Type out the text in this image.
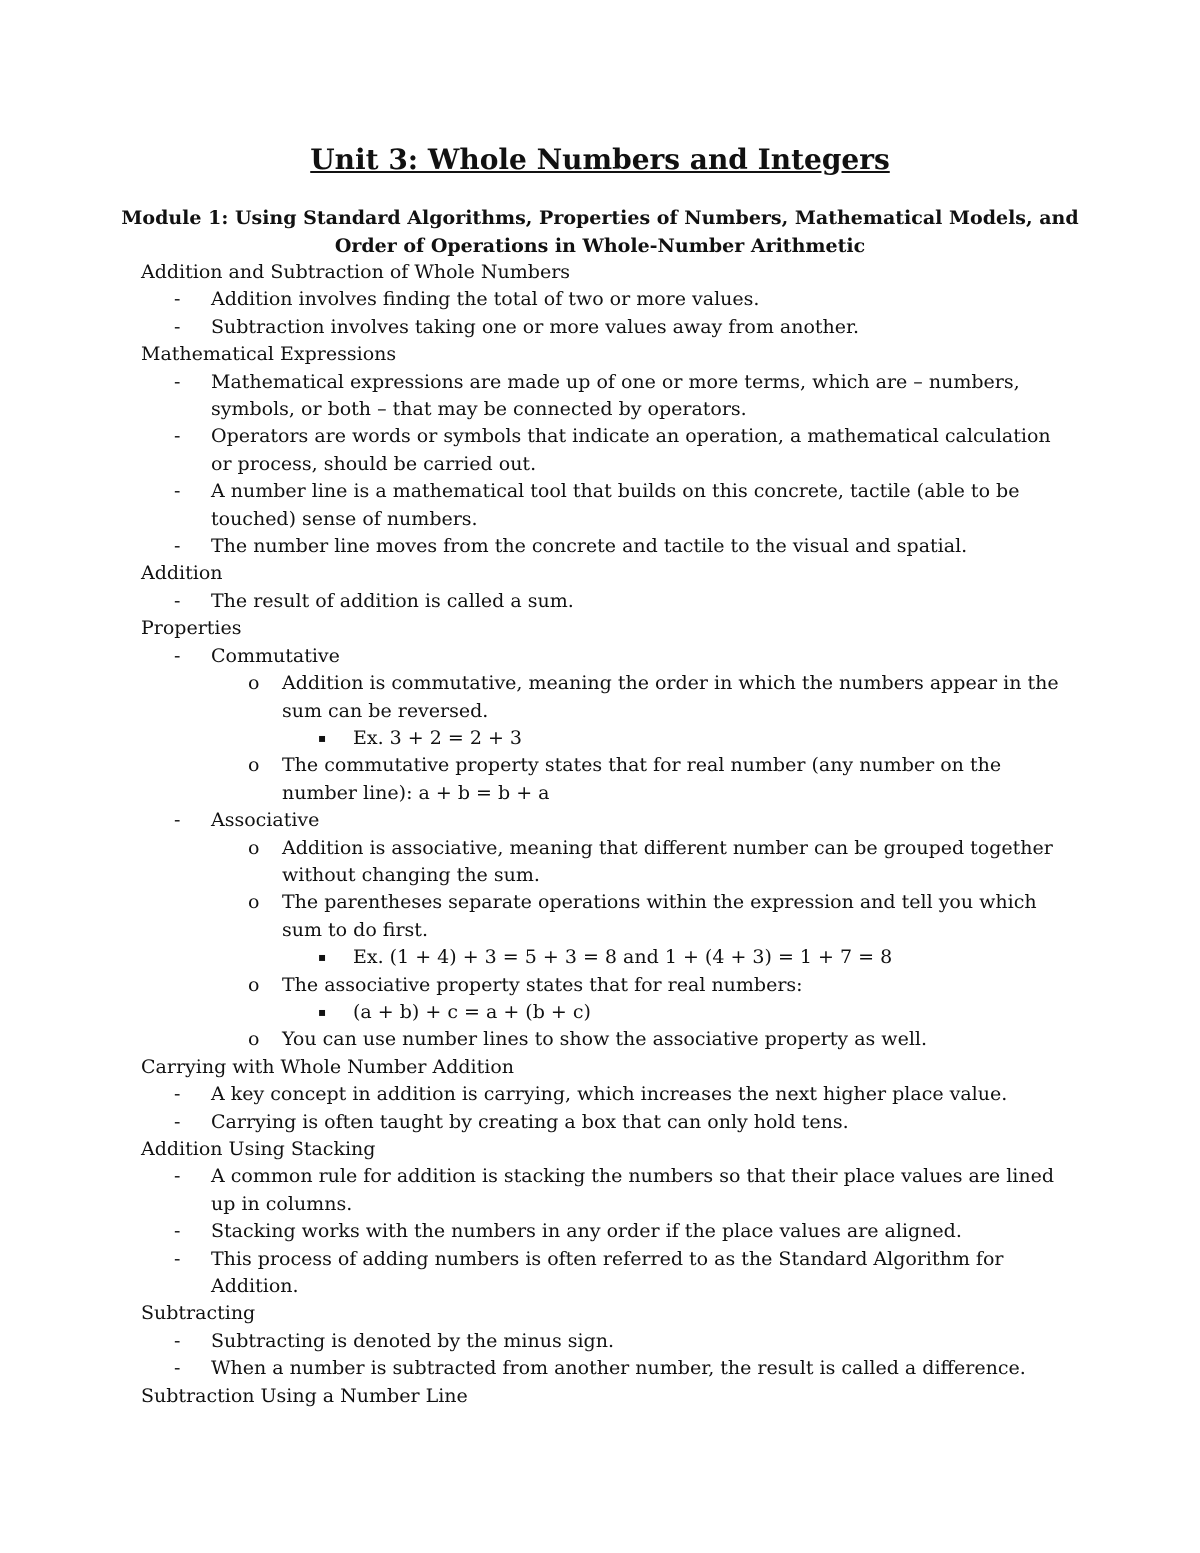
Unit 3: Whole Numbers and Integers
Module 1: Using Standard Algorithms, Properties of Numbers, Mathematical Models, and
Order of Operations in Whole-Number Arithmetic

Addition and Subtraction of Whole Numbers

- Addition involves finding the total of two or more values.
- Subtraction involves taking one or more values away from another.

Mathematical Expressions

- Mathematical expressions are made up of one or more terms, which are – numbers, symbols, or both – that may be connected by operators.
- Operators are words or symbols that indicate an operation, a mathematical calculation or process, should be carried out.
- A number line is a mathematical tool that builds on this concrete, tactile (able to be touched) sense of numbers.
- The number line moves from the concrete and tactile to the visual and spatial.

Addition

- The result of addition is called a sum.

Properties

- Commutative
o Addition is commutative, meaning the order in which the numbers appear in the sum can be reversed.
▪ Ex. 3 + 2 = 2 + 3
o The commutative property states that for real number (any number on the number line): a + b = b + a
- Associative
o Addition is associative, meaning that different number can be grouped together without changing the sum.
o The parentheses separate operations within the expression and tell you which sum to do first.
▪ Ex. (1 + 4) + 3 = 5 + 3 = 8 and 1 + (4 + 3) = 1 + 7 = 8
o The associative property states that for real numbers:
▪ (a + b) + c = a + (b + c)
o You can use number lines to show the associative property as well.

Carrying with Whole Number Addition

- A key concept in addition is carrying, which increases the next higher place value.
- Carrying is often taught by creating a box that can only hold tens.

Addition Using Stacking

- A common rule for addition is stacking the numbers so that their place values are lined up in columns.
- Stacking works with the numbers in any order if the place values are aligned.
- This process of adding numbers is often referred to as the Standard Algorithm for Addition.

Subtracting

- Subtracting is denoted by the minus sign.
- When a number is subtracted from another number, the result is called a difference.

Subtraction Using a Number Line
